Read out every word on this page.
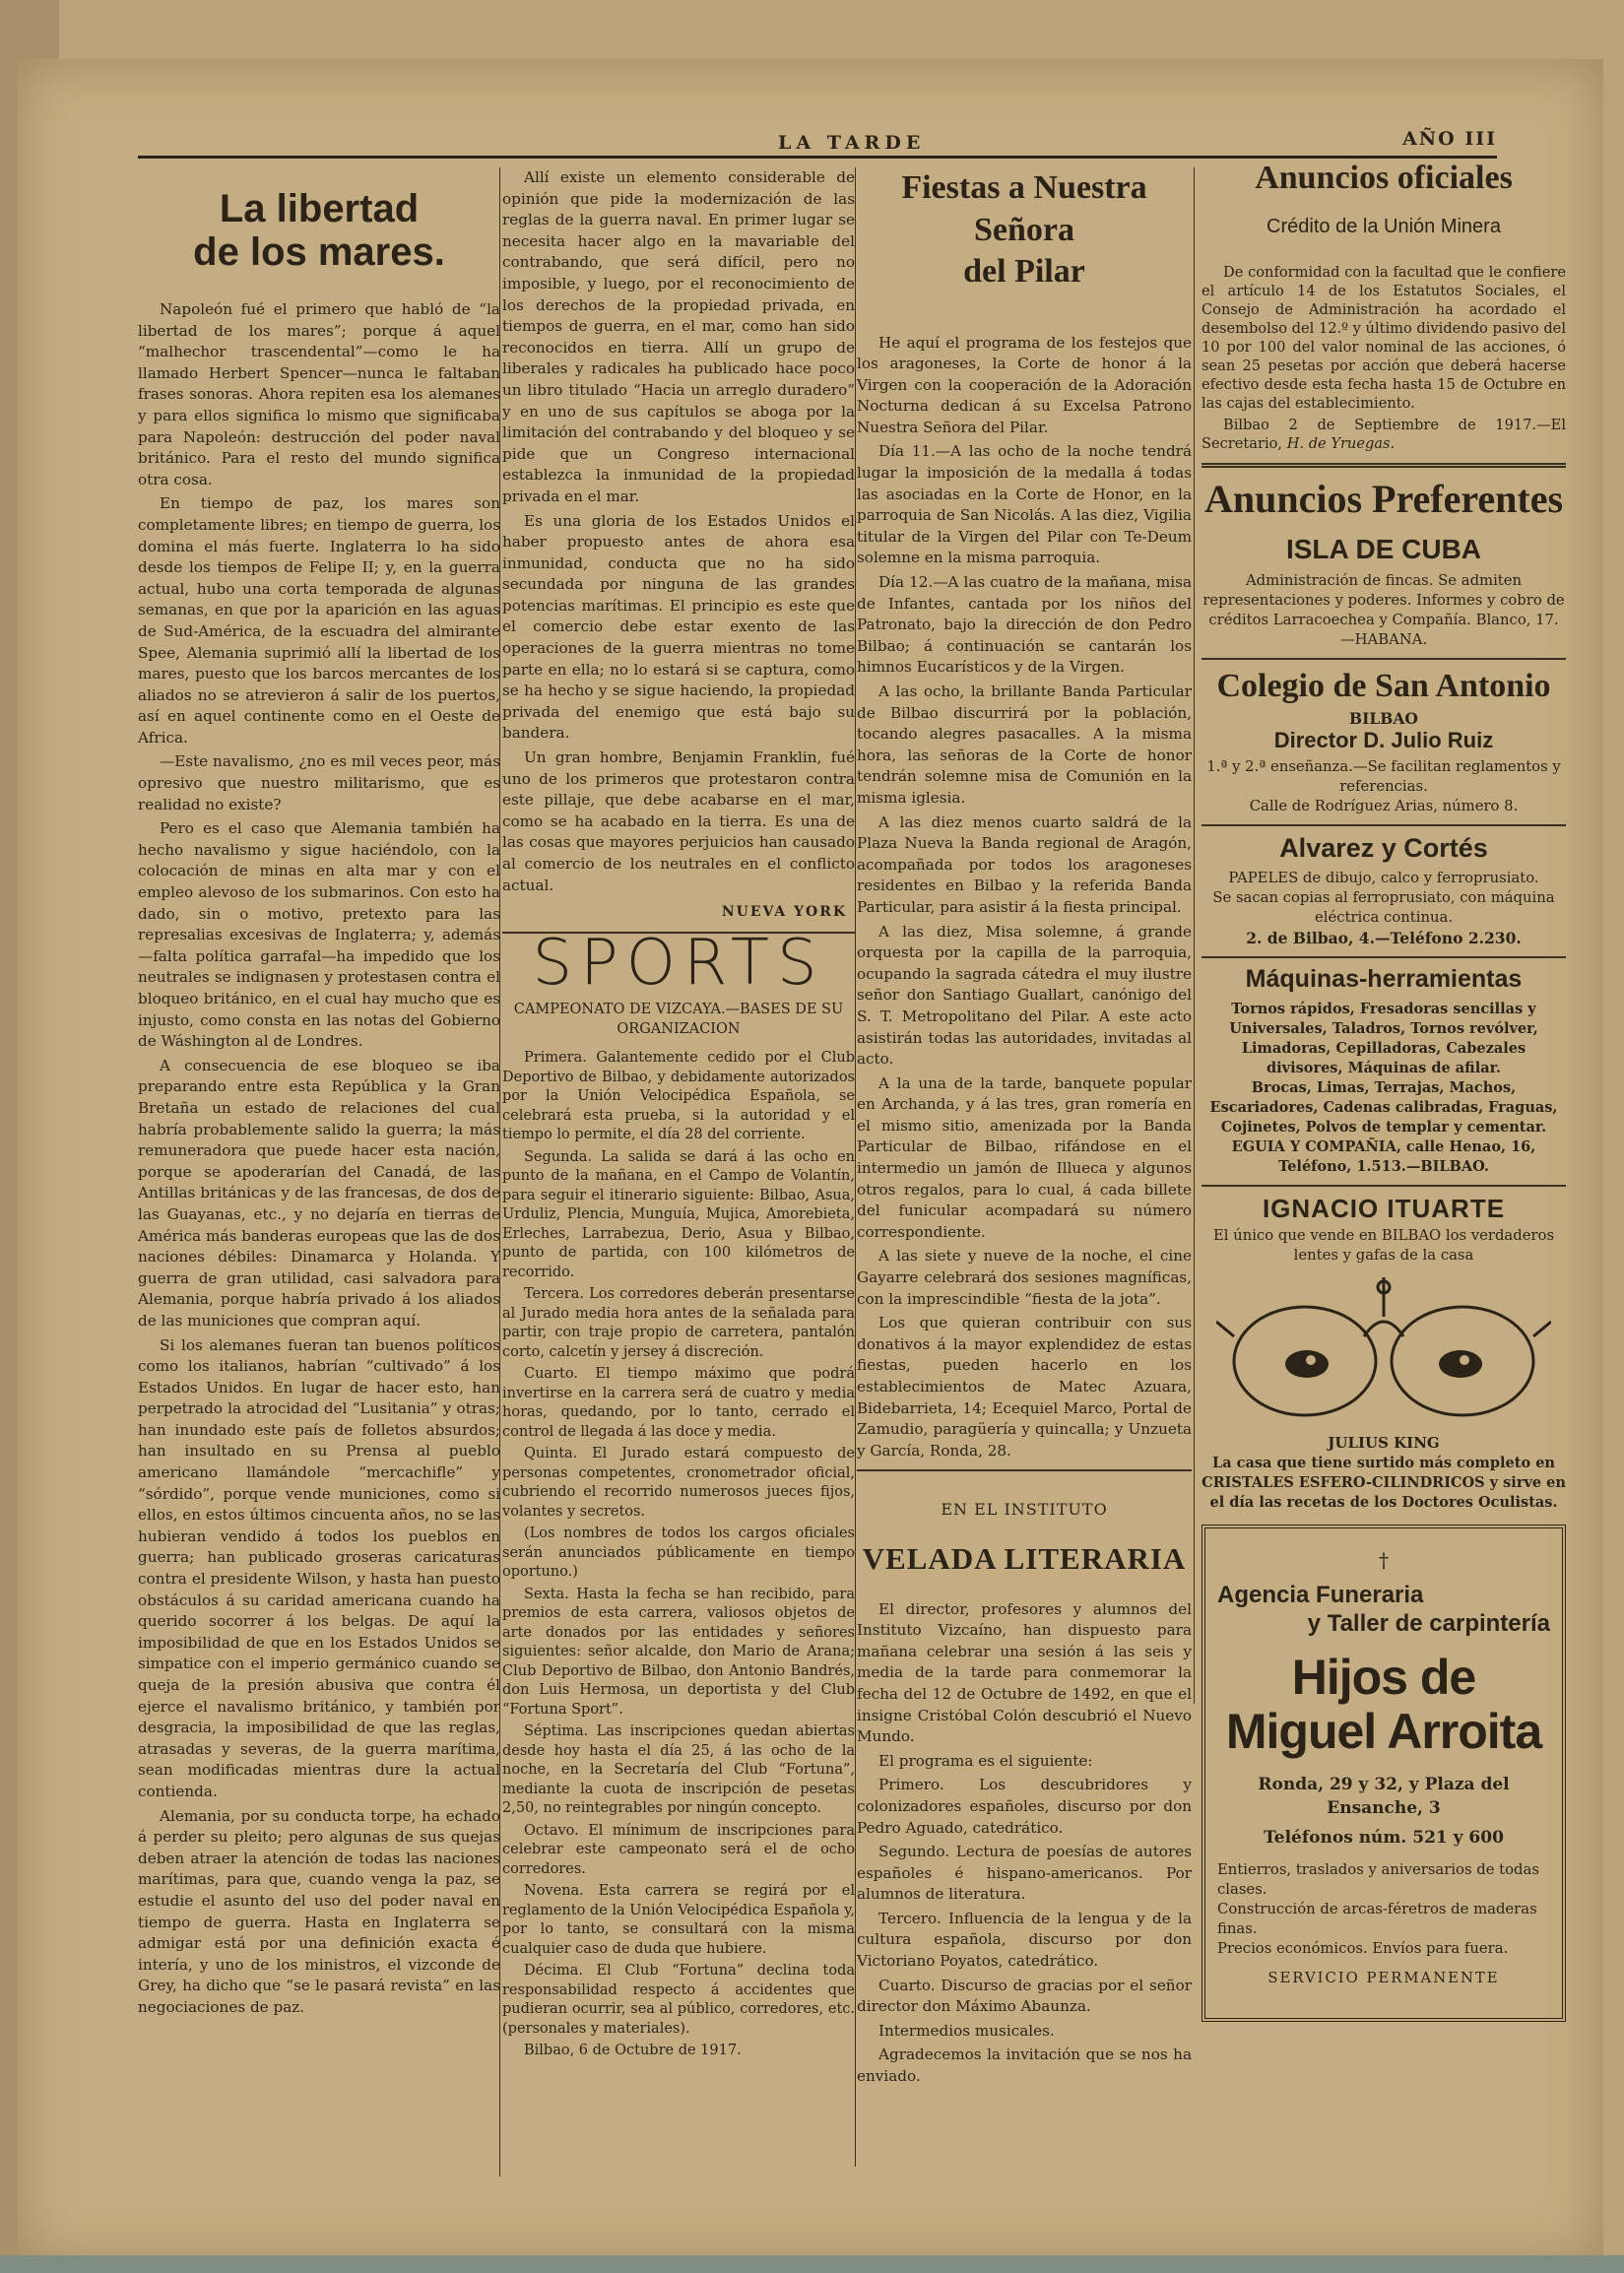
LA TARDE	AÑO III
La libertad
de los mares.

Napoleón fué el primero que habló de “la libertad de los mares”; porque á aquel “malhechor trascendental”—como le ha llamado Herbert Spencer—nunca le faltaban frases sonoras. Ahora repiten esa los alemanes y para ellos significa lo mismo que significaba para Napoleón: destrucción del poder naval británico. Para el resto del mundo significa otra cosa.

En tiempo de paz, los mares son completamente libres; en tiempo de guerra, los domina el más fuerte. Inglaterra lo ha sido desde los tiempos de Felipe II; y, en la guerra actual, hubo una corta temporada de algunas semanas, en que por la aparición en las aguas de Sud-América, de la escuadra del almirante Spee, Alemania suprimió allí la libertad de los mares, puesto que los barcos mercantes de los aliados no se atrevieron á salir de los puertos, así en aquel continente como en el Oeste de Africa.

—Este navalismo, ¿no es mil veces peor, más opresivo que nuestro militarismo, que es realidad no existe?

Pero es el caso que Alemania también ha hecho navalismo y sigue haciéndolo, con la colocación de minas en alta mar y con el empleo alevoso de los submarinos. Con esto ha dado, sin o motivo, pretexto para las represalias excesivas de Inglaterra; y, además—falta política garrafal—ha impedido que los neutrales se indignasen y protestasen contra el bloqueo británico, en el cual hay mucho que es injusto, como consta en las notas del Gobierno de Wáshington al de Londres.

A consecuencia de ese bloqueo se iba preparando entre esta República y la Gran Bretaña un estado de relaciones del cual habría probablemente salido la guerra; la más remuneradora que puede hacer esta nación, porque se apoderarían del Canadá, de las Antillas británicas y de las francesas, de dos de las Guayanas, etc., y no dejaría en tierras de América más banderas europeas que las de dos naciones débiles: Dinamarca y Holanda. Y guerra de gran utilidad, casi salvadora para Alemania, porque habría privado á los aliados de las municiones que compran aquí.

Si los alemanes fueran tan buenos políticos como los italianos, habrían “cultivado” á los Estados Unidos. En lugar de hacer esto, han perpetrado la atrocidad del “Lusitania” y otras; han inundado este país de folletos absurdos; han insultado en su Prensa al pueblo americano llamándole “mercachifle” y “sórdido”, porque vende municiones, como si ellos, en estos últimos cincuenta años, no se las hubieran vendido á todos los pueblos en guerra; han publicado groseras caricaturas contra el presidente Wilson, y hasta han puesto obstáculos á su caridad americana cuando ha querido socorrer á los belgas. De aquí la imposibilidad de que en los Estados Unidos se simpatice con el imperio germánico cuando se queja de la presión abusiva que contra él ejerce el navalismo británico, y también por desgracia, la imposibilidad de que las reglas, atrasadas y severas, de la guerra marítima, sean modificadas mientras dure la actual contienda.

Alemania, por su conducta torpe, ha echado á perder su pleito; pero algunas de sus quejas deben atraer la atención de todas las naciones marítimas, para que, cuando venga la paz, se estudie el asunto del uso del poder naval en tiempo de guerra. Hasta en Inglaterra se admigar está por una definición exacta é intería, y uno de los ministros, el vizconde de Grey, ha dicho que “se le pasará revista” en las negociaciones de paz.

Allí existe un elemento considerable de opinión que pide la modernización de las reglas de la guerra naval. En primer lugar se necesita hacer algo en la mavariable del contrabando, que será difícil, pero no imposible, y luego, por el reconocimiento de los derechos de la propiedad privada, en tiempos de guerra, en el mar, como han sido reconocidos en tierra. Allí un grupo de liberales y radicales ha publicado hace poco un libro titulado “Hacia un arreglo duradero” y en uno de sus capítulos se aboga por la limitación del contrabando y del bloqueo y se pide que un Congreso internacional establezca la inmunidad de la propiedad privada en el mar.

Es una gloria de los Estados Unidos el haber propuesto antes de ahora esa inmunidad, conducta que no ha sido secundada por ninguna de las grandes potencias marítimas. El principio es este que el comercio debe estar exento de las operaciones de la guerra mientras no tome parte en ella; no lo estará si se captura, como se ha hecho y se sigue haciendo, la propiedad privada del enemigo que está bajo su bandera.

Un gran hombre, Benjamin Franklin, fué uno de los primeros que protestaron contra este pillaje, que debe acabarse en el mar, como se ha acabado en la tierra. Es una de las cosas que mayores perjuicios han causado al comercio de los neutrales en el conflicto actual.

NUEVA YORK
SPORTS
CAMPEONATO DE VIZCAYA.—BASES DE SU ORGANIZACION

Primera. Galantemente cedido por el Club Deportivo de Bilbao, y debidamente autorizados por la Unión Velocipédica Española, se celebrará esta prueba, si la autoridad y el tiempo lo permite, el día 28 del corriente.

Segunda. La salida se dará á las ocho en punto de la mañana, en el Campo de Volantín, para seguir el itinerario siguiente: Bilbao, Asua, Urduliz, Plencia, Munguía, Mujica, Amorebieta, Erleches, Larrabezua, Derio, Asua y Bilbao, punto de partida, con 100 kilómetros de recorrido.

Tercera. Los corredores deberán presentarse al Jurado media hora antes de la señalada para partir, con traje propio de carretera, pantalón corto, calcetín y jersey á discreción.

Cuarto. El tiempo máximo que podrá invertirse en la carrera será de cuatro y media horas, quedando, por lo tanto, cerrado el control de llegada á las doce y media.

Quinta. El Jurado estará compuesto de personas competentes, cronometrador oficial, cubriendo el recorrido numerosos jueces fijos, volantes y secretos.

(Los nombres de todos los cargos oficiales serán anunciados públicamente en tiempo oportuno.)

Sexta. Hasta la fecha se han recibido, para premios de esta carrera, valiosos objetos de arte donados por las entidades y señores siguientes: señor alcalde, don Mario de Arana; Club Deportivo de Bilbao, don Antonio Bandrés, don Luis Hermosa, un deportista y del Club “Fortuna Sport”.

Séptima. Las inscripciones quedan abiertas desde hoy hasta el día 25, á las ocho de la noche, en la Secretaría del Club “Fortuna”, mediante la cuota de inscripción de pesetas 2,50, no reintegrables por ningún concepto.

Octavo. El mínimum de inscripciones para celebrar este campeonato será el de ocho corredores.

Novena. Esta carrera se regirá por el reglamento de la Unión Velocipédica Española y, por lo tanto, se consultará con la misma cualquier caso de duda que hubiere.

Décima. El Club “Fortuna” declina toda responsabilidad respecto á accidentes que pudieran ocurrir, sea al público, corredores, etc. (personales y materiales).

Bilbao, 6 de Octubre de 1917.

Fiestas a Nuestra Señora
del Pilar

He aquí el programa de los festejos que los aragoneses, la Corte de honor á la Virgen con la cooperación de la Adoración Nocturna dedican á su Excelsa Patrono Nuestra Señora del Pilar.

Día 11.—A las ocho de la noche tendrá lugar la imposición de la medalla á todas las asociadas en la Corte de Honor, en la parroquia de San Nicolás. A las diez, Vigilia titular de la Virgen del Pilar con Te-Deum solemne en la misma parroquia.

Día 12.—A las cuatro de la mañana, misa de Infantes, cantada por los niños del Patronato, bajo la dirección de don Pedro Bilbao; á continuación se cantarán los himnos Eucarísticos y de la Virgen.

A las ocho, la brillante Banda Particular de Bilbao discurrirá por la población, tocando alegres pasacalles. A la misma hora, las señoras de la Corte de honor tendrán solemne misa de Comunión en la misma iglesia.

A las diez menos cuarto saldrá de la Plaza Nueva la Banda regional de Aragón, acompañada por todos los aragoneses residentes en Bilbao y la referida Banda Particular, para asistir á la fiesta principal.

A las diez, Misa solemne, á grande orquesta por la capilla de la parroquia, ocupando la sagrada cátedra el muy ilustre señor don Santiago Guallart, canónigo del S. T. Metropolitano del Pilar. A este acto asistirán todas las autoridades, invitadas al acto.

A la una de la tarde, banquete popular en Archanda, y á las tres, gran romería en el mismo sitio, amenizada por la Banda Particular de Bilbao, rifándose en el intermedio un jamón de Illueca y algunos otros regalos, para lo cual, á cada billete del funicular acompadará su número correspondiente.

A las siete y nueve de la noche, el cine Gayarre celebrará dos sesiones magníficas, con la imprescindible “fiesta de la jota”.

Los que quieran contribuir con sus donativos á la mayor explendidez de estas fiestas, pueden hacerlo en los establecimientos de Matec Azuara, Bidebarrieta, 14; Ecequiel Marco, Portal de Zamudio, paragüería y quincalla; y Unzueta y García, Ronda, 28.

EN EL INSTITUTO
VELADA LITERARIA

El director, profesores y alumnos del Instituto Vizcaíno, han dispuesto para mañana celebrar una sesión á las seis y media de la tarde para conmemorar la fecha del 12 de Octubre de 1492, en que el insigne Cristóbal Colón descubrió el Nuevo Mundo.

El programa es el siguiente:

Primero. Los descubridores y colonizadores españoles, discurso por don Pedro Aguado, catedrático.

Segundo. Lectura de poesías de autores españoles é hispano-americanos. Por alumnos de literatura.

Tercero. Influencia de la lengua y de la cultura española, discurso por don Victoriano Poyatos, catedrático.

Cuarto. Discurso de gracias por el señor director don Máximo Abaunza.

Intermedios musicales.

Agradecemos la invitación que se nos ha enviado.

Anuncios oficiales
Crédito de la Unión Minera

De conformidad con la facultad que le confiere el artículo 14 de los Estatutos Sociales, el Consejo de Administración ha acordado el desembolso del 12.º y último dividendo pasivo del 10 por 100 del valor nominal de las acciones, ó sean 25 pesetas por acción que deberá hacerse efectivo desde esta fecha hasta 15 de Octubre en las cajas del establecimiento.

Bilbao 2 de Septiembre de 1917.—El Secretario, H. de Yruegas.

Anuncios Preferentes
ISLA DE CUBA
Administración de fincas. Se admiten representaciones y poderes. Informes y cobro de créditos Larracoechea y Compañía. Blanco, 17.—HABANA.
Colegio de San Antonio
BILBAO
Director D. Julio Ruiz
1.ª y 2.ª enseñanza.—Se facilitan reglamentos y referencias.
Calle de Rodríguez Arias, número 8.
Alvarez y Cortés
PAPELES de dibujo, calco y ferroprusiato.
Se sacan copias al ferroprusiato, con máquina eléctrica continua.
2. de Bilbao, 4.—Teléfono 2.230.
Máquinas-herramientas
Tornos rápidos, Fresadoras sencillas y Universales, Taladros, Tornos revólver, Limadoras, Cepilladoras, Cabezales divisores, Máquinas de afilar.
Brocas, Limas, Terrajas, Machos, Escariadores, Cadenas calibradas, Fraguas, Cojinetes, Polvos de templar y cementar.
EGUIA Y COMPAÑIA, calle Henao, 16, Teléfono, 1.513.—BILBAO.
IGNACIO ITUARTE
El único que vende en BILBAO los verdaderos lentes y gafas de la casa
JULIUS KING
La casa que tiene surtido más completo en CRISTALES ESFERO-CILINDRICOS y sirve en el día las recetas de los Doctores Oculistas.
†
Agencia Funeraria
y Taller de carpintería
Hijos de Miguel Arroita
Ronda, 29 y 32, y Plaza del Ensanche, 3
Teléfonos núm. 521 y 600
Entierros, traslados y aniversarios de todas clases.
Construcción de arcas-féretros de maderas finas.
Precios económicos. Envíos para fuera.
SERVICIO PERMANENTE
